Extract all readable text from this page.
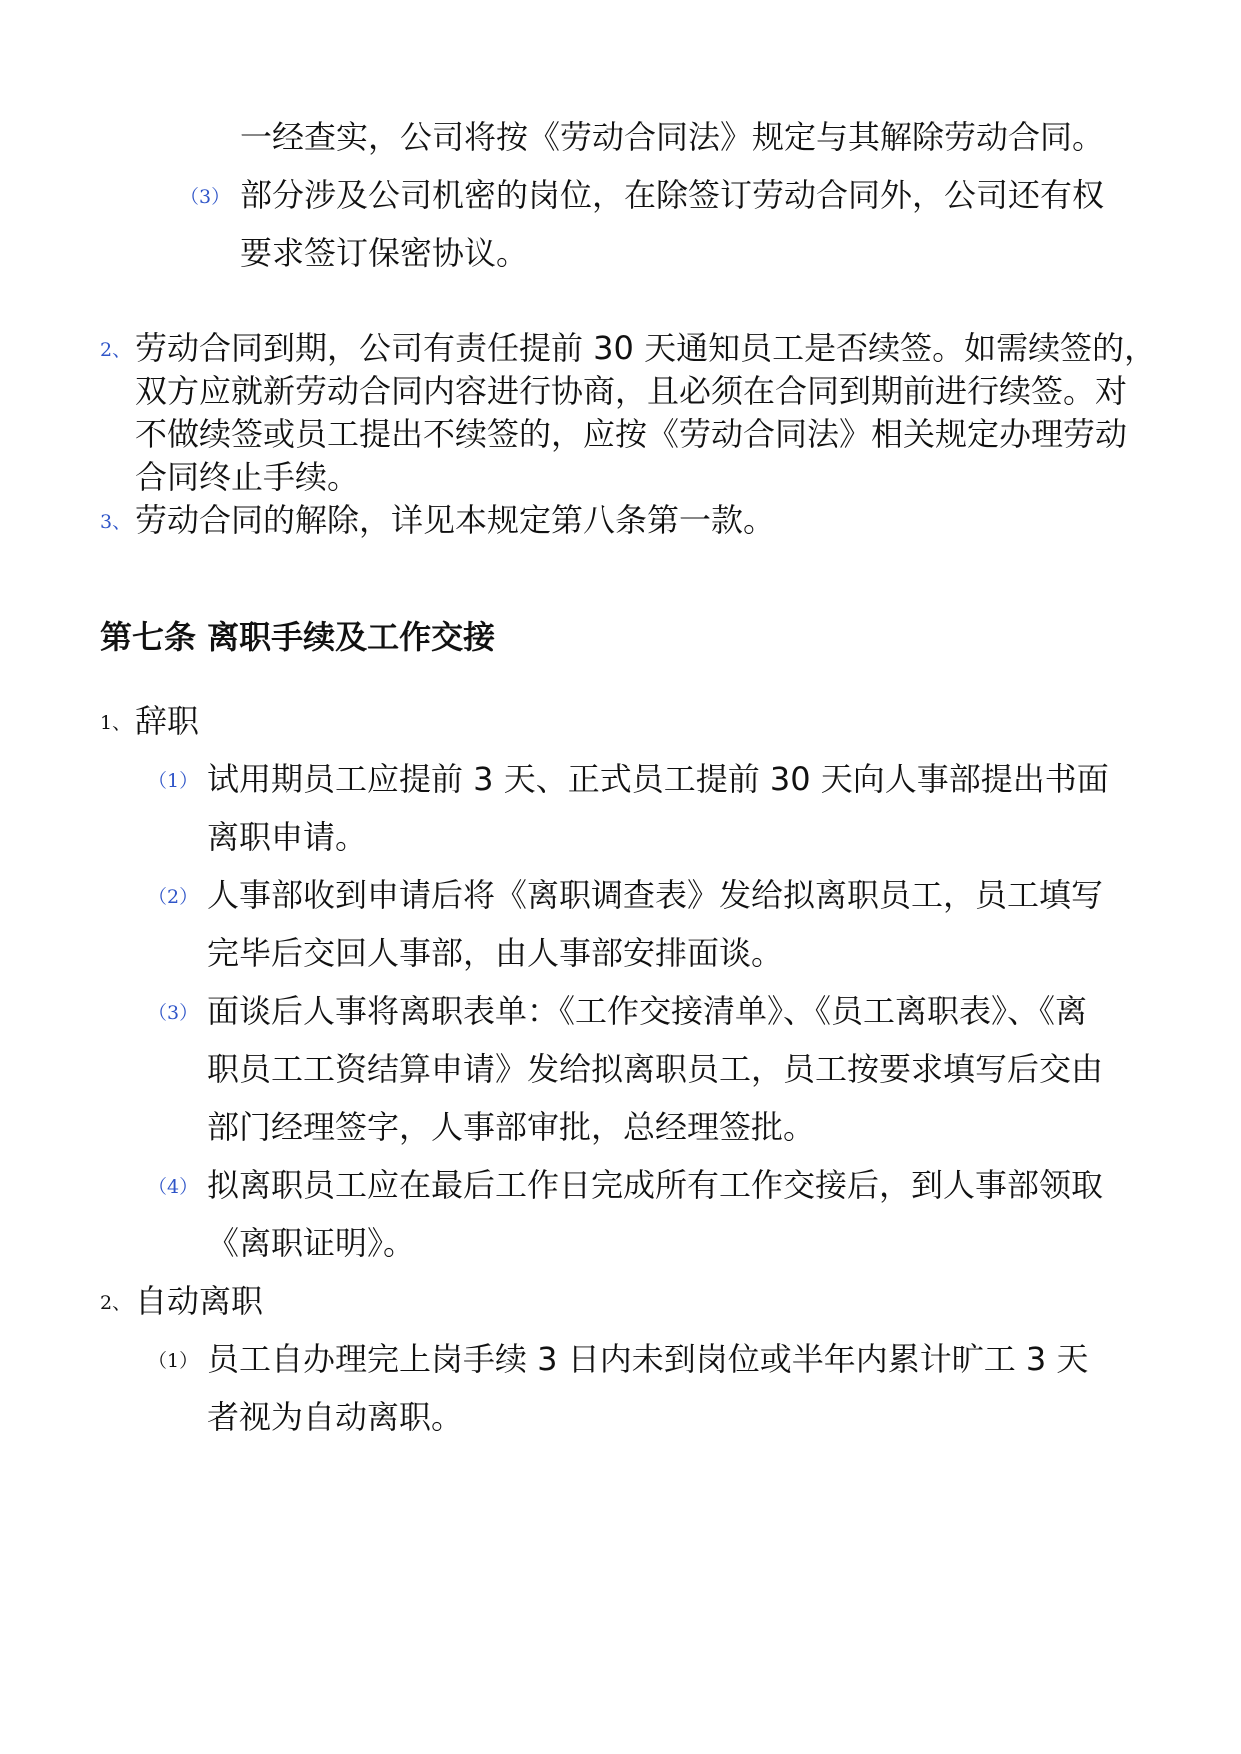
一经查实，公司将按《劳动合同法》规定与其解除劳动合同。
（3） 部分涉及公司机密的岗位，在除签订劳动合同外，公司还有权
要求签订保密协议。
2、 劳动合同到期，公司有责任提前 30 天通知员工是否续签。如需续签的，
双方应就新劳动合同内容进行协商，且必须在合同到期前进行续签。对
不做续签或员工提出不续签的，应按《劳动合同法》相关规定办理劳动
合同终止手续。
3、 劳动合同的解除，详见本规定第八条第一款。
第七条 离职手续及工作交接
1、 辞职
（1） 试用期员工应提前 3 天、正式员工提前 30 天向人事部提出书面
离职申请。
（2） 人事部收到申请后将《离职调查表》发给拟离职员工，员工填写
完毕后交回人事部，由人事部安排面谈。
（3） 面谈后人事将离职表单：《工作交接清单》、《员工离职表》、《离
职员工工资结算申请》发给拟离职员工，员工按要求填写后交由
部门经理签字，人事部审批，总经理签批。
（4） 拟离职员工应在最后工作日完成所有工作交接后，到人事部领取
《离职证明》。
2、 自动离职
（1） 员工自办理完上岗手续 3 日内未到岗位或半年内累计旷工 3 天
者视为自动离职。
